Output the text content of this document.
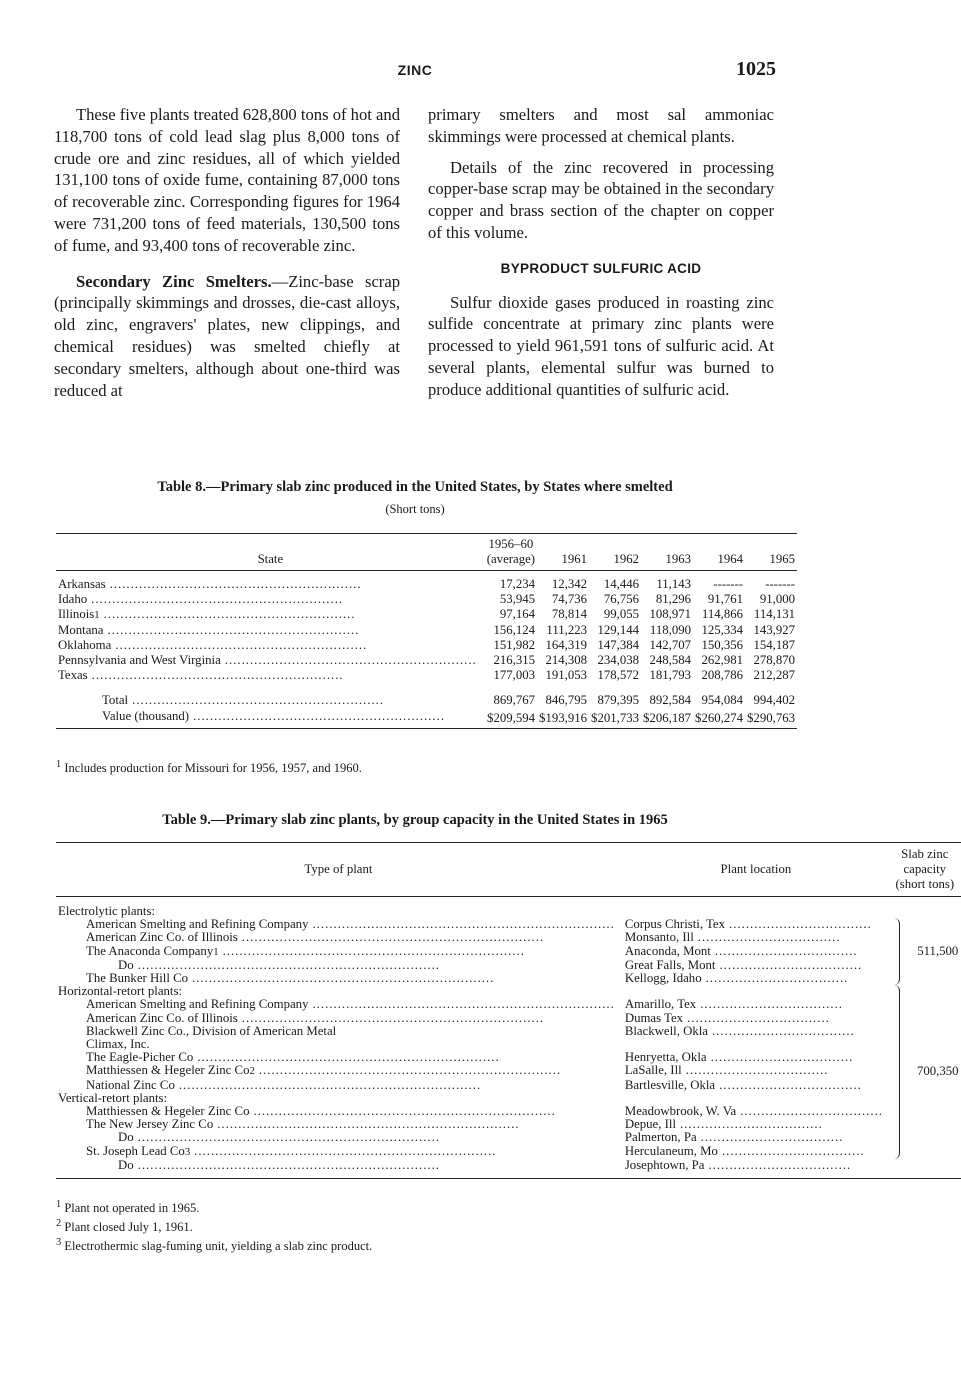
ZINC	1025

These five plants treated 628,800 tons of hot and 118,700 tons of cold lead slag plus 8,000 tons of crude ore and zinc residues, all of which yielded 131,100 tons of oxide fume, containing 87,000 tons of recoverable zinc. Corresponding figures for 1964 were 731,200 tons of feed materials, 130,500 tons of fume, and 93,400 tons of recoverable zinc.

Secondary Zinc Smelters.—Zinc-base scrap (principally skimmings and drosses, die-cast alloys, old zinc, engravers' plates, new clippings, and chemical residues) was smelted chiefly at secondary smelters, although about one-third was reduced at

primary smelters and most sal ammoniac skimmings were processed at chemical plants.

Details of the zinc recovered in processing copper-base scrap may be obtained in the secondary copper and brass section of the chapter on copper of this volume.

BYPRODUCT SULFURIC ACID

Sulfur dioxide gases produced in roasting zinc sulfide concentrate at primary zinc plants were processed to yield 961,591 tons of sulfuric acid. At several plants, elemental sulfur was burned to produce additional quantities of sulfuric acid.

Table 8.—Primary slab zinc produced in the United States, by States where smelted
(Short tons)
State	1956–60
(average)	1961	1962	1963	1964	1965

Arkansas ............................................................	17,234	12,342	14,446	11,143	-------	-------

Idaho ............................................................	53,945	74,736	76,756	81,296	91,761	91,000

Illinois 1 ............................................................	97,164	78,814	99,055	108,971	114,866	114,131

Montana ............................................................	156,124	111,223	129,144	118,090	125,334	143,927

Oklahoma ............................................................	151,982	164,319	147,384	142,707	150,356	154,187

Pennsylvania and West Virginia ............................................................	216,315	214,308	234,038	248,584	262,981	278,870

Texas ............................................................	177,003	191,053	178,572	181,793	208,786	212,287

Total ............................................................	869,767	846,795	879,395	892,584	954,084	994,402

Value (thousand) ............................................................	$209,594	$193,916	$201,733	$206,187	$260,274	$290,763
$^1$ Includes production for Missouri for 1956, 1957, and 1960.
Table 9.—Primary slab zinc plants, by group capacity in the United States in 1965
Type of plant	Plant location	Slab zinc
capacity
(short tons)

Electrolytic plants:		

American Smelting and Refining Company ........................................................................	Corpus Christi, Tex ..................................	511,500

American Zinc Co. of Illinois ........................................................................	Monsanto, Ill ..................................	

The Anaconda Company 1 ........................................................................	Anaconda, Mont ..................................	

Do ........................................................................	Great Falls, Mont ..................................	

The Bunker Hill Co ........................................................................	Kellogg, Idaho ..................................	

Horizontal-retort plants:		700,350

American Smelting and Refining Company ........................................................................	Amarillo, Tex ..................................	

American Zinc Co. of Illinois ........................................................................	Dumas Tex ..................................	

Blackwell Zinc Co., Division of American Metal	Blackwell, Okla ..................................	

Climax, Inc.		

The Eagle-Picher Co ........................................................................	Henryetta, Okla ..................................	

Matthiessen & Hegeler Zinc Co 2 ........................................................................	LaSalle, Ill ..................................	

National Zinc Co ........................................................................	Bartlesville, Okla ..................................	

Vertical-retort plants:		

Matthiessen & Hegeler Zinc Co ........................................................................	Meadowbrook, W. Va ..................................	

The New Jersey Zinc Co ........................................................................	Depue, Ill ..................................	

Do ........................................................................	Palmerton, Pa ..................................	

St. Joseph Lead Co 3 ........................................................................	Herculaneum, Mo ..................................	

Do ........................................................................	Josephtown, Pa ..................................	
$^1$ Plant not operated in 1965.
$^2$ Plant closed July 1, 1961.
$^3$ Electrothermic slag-fuming unit, yielding a slab zinc product.
